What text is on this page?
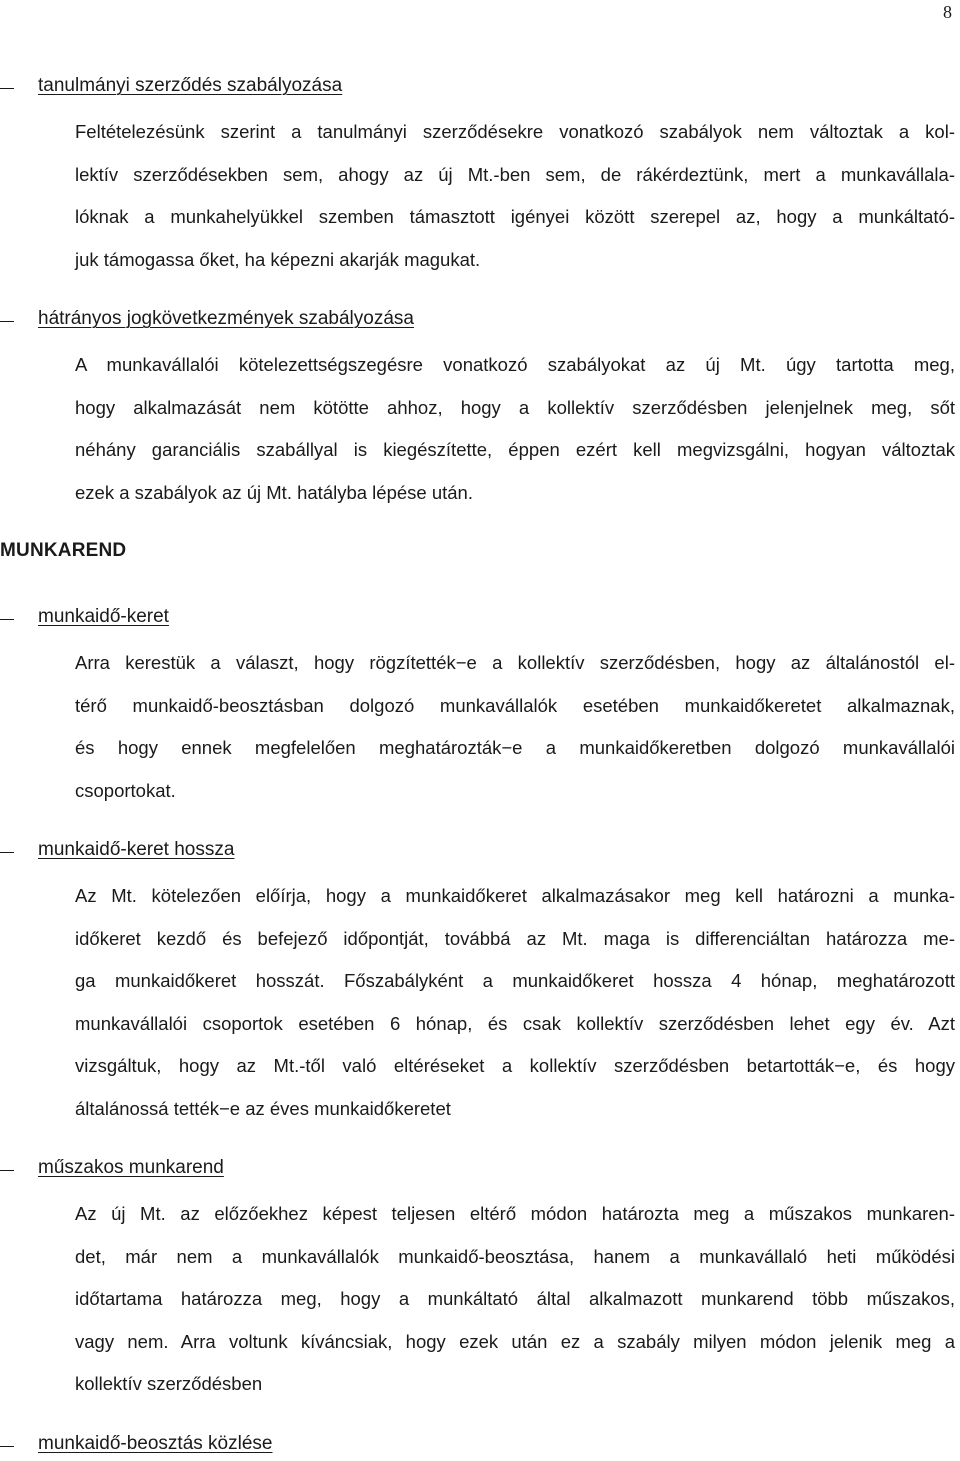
8
tanulmányi szerződés szabályozása
Feltételezésünk szerint a tanulmányi szerződésekre vonatkozó szabályok nem változtak a kol-
lektív szerződésekben sem, ahogy az új Mt.-ben sem, de rákérdeztünk, mert a munkavállala-
lóknak a munkahelyükkel szemben támasztott igényei között szerepel az, hogy a munkáltató-
juk támogassa őket, ha képezni akarják magukat.
hátrányos jogkövetkezmények szabályozása
A munkavállalói kötelezettségszegésre vonatkozó szabályokat az új Mt. úgy tartotta meg,
hogy alkalmazását nem kötötte ahhoz, hogy a kollektív szerződésben jelenjelnek meg, sőt
néhány garanciális szabállyal is kiegészítette, éppen ezért kell megvizsgálni, hogyan változtak
ezek a szabályok az új Mt. hatályba lépése után.
MUNKAREND
munkaidő-keret
Arra kerestük a választ, hogy rögzítették−e a kollektív szerződésben, hogy az általánostól el-
térő munkaidő-beosztásban dolgozó munkavállalók esetében munkaidőkeretet alkalmaznak,
és hogy ennek megfelelően meghatározták−e a munkaidőkeretben dolgozó munkavállalói
csoportokat.
munkaidő-keret hossza
Az Mt. kötelezően előírja, hogy a munkaidőkeret alkalmazásakor meg kell határozni a munka-
időkeret kezdő és befejező időpontját, továbbá az Mt. maga is differenciáltan határozza me-
ga munkaidőkeret hosszát. Főszabályként a munkaidőkeret hossza 4 hónap, meghatározott
munkavállalói csoportok esetében 6 hónap, és csak kollektív szerződésben lehet egy év. Azt
vizsgáltuk, hogy az Mt.-től való eltéréseket a kollektív szerződésben betartották−e, és hogy
általánossá tették−e az éves munkaidőkeretet
műszakos munkarend
Az új Mt. az előzőekhez képest teljesen eltérő módon határozta meg a műszakos munkaren-
det, már nem a munkavállalók munkaidő-beosztása, hanem a munkavállaló heti működési
időtartama határozza meg, hogy a munkáltató által alkalmazott munkarend több műszakos,
vagy nem. Arra voltunk kíváncsiak, hogy ezek után ez a szabály milyen módon jelenik meg a
kollektív szerződésben
munkaidő-beosztás közlése
